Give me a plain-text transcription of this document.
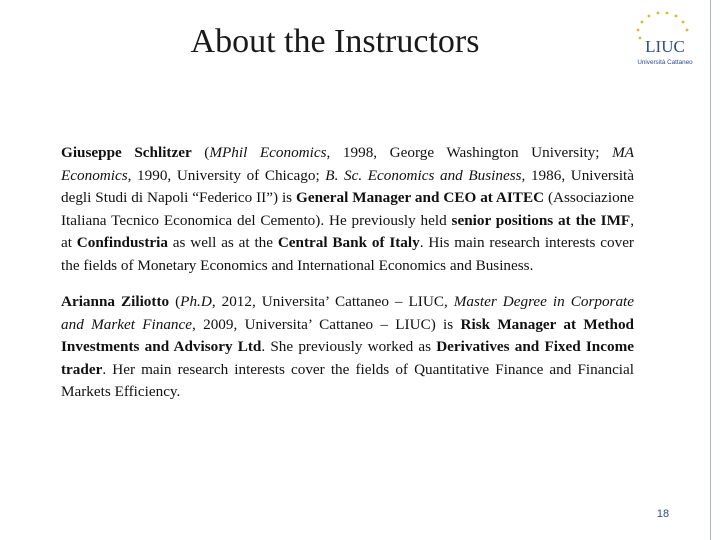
About the Instructors	LIUC
Università Cattaneo

Giuseppe Schlitzer (MPhil Economics, 1998, George Washington University; MA Economics, 1990, University of Chicago; B. Sc. Economics and Business, 1986, Università degli Studi di Napoli “Federico II”) is General Manager and CEO at AITEC (Associazione Italiana Tecnico Economica del Cemento). He previously held senior positions at the IMF, at Confindustria as well as at the Central Bank of Italy. His main research interests cover the fields of Monetary Economics and International Economics and Business.

Arianna Ziliotto (Ph.D, 2012, Universita’ Cattaneo – LIUC, Master Degree in Corporate and Market Finance, 2009, Universita’ Cattaneo – LIUC) is Risk Manager at Method Investments and Advisory Ltd. She previously worked as Derivatives and Fixed Income trader. Her main research interests cover the fields of Quantitative Finance and Financial Markets Efficiency.

18
